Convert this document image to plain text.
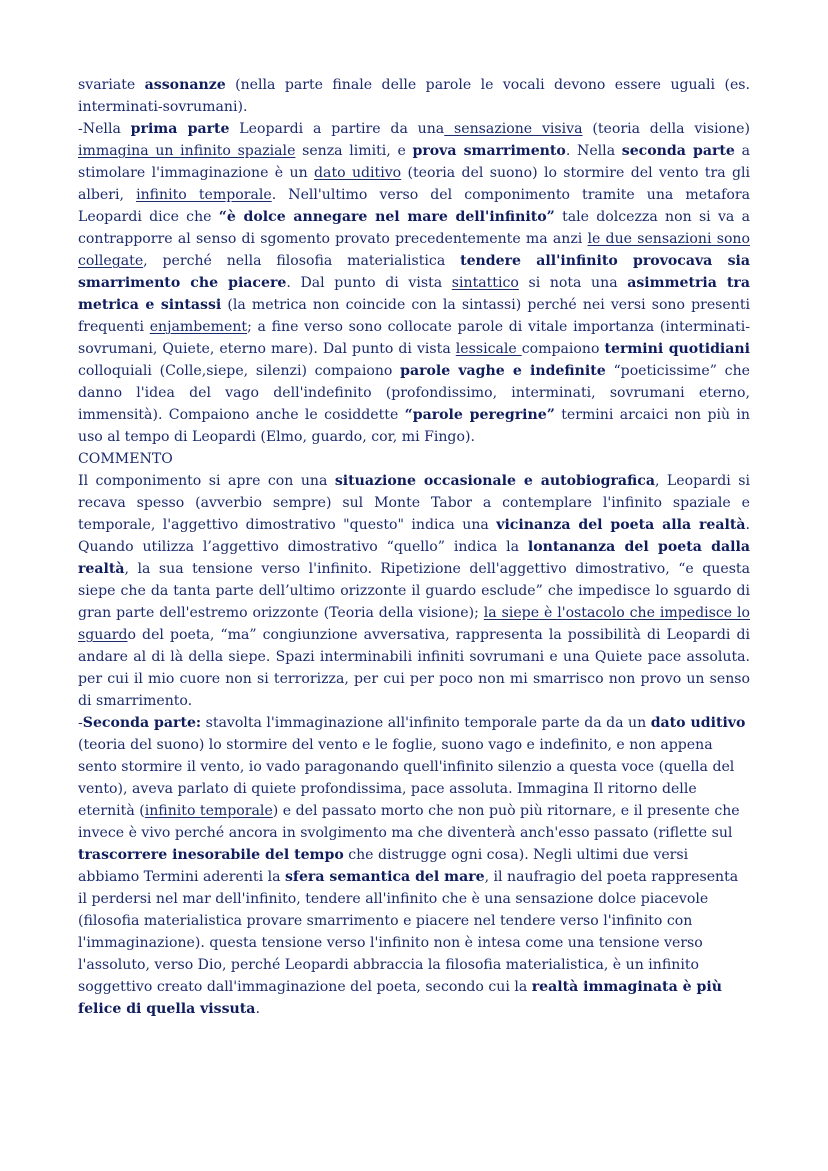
svariate assonanze (nella parte finale delle parole le vocali devono essere uguali (es. interminati-sovrumani).

-Nella prima parte Leopardi a partire da una sensazione visiva (teoria della visione) immagina un infinito spaziale senza limiti, e prova smarrimento. Nella seconda parte a stimolare l'immaginazione è un dato uditivo (teoria del suono) lo stormire del vento tra gli alberi, infinito temporale. Nell'ultimo verso del componimento tramite una metafora Leopardi dice che “è dolce annegare nel mare dell'infinito” tale dolcezza non si va a contrapporre al senso di sgomento provato precedentemente ma anzi le due sensazioni sono collegate, perché nella filosofia materialistica tendere all'infinito provocava sia smarrimento che piacere. Dal punto di vista sintattico si nota una asimmetria tra metrica e sintassi (la metrica non coincide con la sintassi) perché nei versi sono presenti frequenti enjambement; a fine verso sono collocate parole di vitale importanza (interminati-sovrumani, Quiete, eterno mare). Dal punto di vista lessicale compaiono termini quotidiani colloquiali (Colle,siepe, silenzi) compaiono parole vaghe e indefinite “poeticissime” che danno l'idea del vago dell'indefinito (profondissimo, interminati, sovrumani eterno, immensità). Compaiono anche le cosiddette “parole peregrine” termini arcaici non più in uso al tempo di Leopardi (Elmo, guardo, cor, mi Fingo).

COMMENTO

Il componimento si apre con una situazione occasionale e autobiografica, Leopardi si recava spesso (avverbio sempre) sul Monte Tabor a contemplare l'infinito spaziale e temporale, l'aggettivo dimostrativo "questo" indica una vicinanza del poeta alla realtà. Quando utilizza l’aggettivo dimostrativo “quello” indica la lontananza del poeta dalla realtà, la sua tensione verso l'infinito. Ripetizione dell'aggettivo dimostrativo, “e questa siepe che da tanta parte dell’ultimo orizzonte il guardo esclude” che impedisce lo sguardo di gran parte dell'estremo orizzonte (Teoria della visione); la siepe è l'ostacolo che impedisce lo sguardo del poeta, “ma” congiunzione avversativa, rappresenta la possibilità di Leopardi di andare al di là della siepe. Spazi interminabili infiniti sovrumani e una Quiete pace assoluta. per cui il mio cuore non si terrorizza, per cui per poco non mi smarrisco non provo un senso di smarrimento.

-Seconda parte: stavolta l'immaginazione all'infinito temporale parte da da un dato uditivo (teoria del suono) lo stormire del vento e le foglie, suono vago e indefinito, e non appena sento stormire il vento, io vado paragonando quell'infinito silenzio a questa voce (quella del vento), aveva parlato di quiete profondissima, pace assoluta. Immagina Il ritorno delle eternità (infinito temporale) e del passato morto che non può più ritornare, e il presente che invece è vivo perché ancora in svolgimento ma che diventerà anch'esso passato (riflette sul trascorrere inesorabile del tempo che distrugge ogni cosa). Negli ultimi due versi abbiamo Termini aderenti la sfera semantica del mare, il naufragio del poeta rappresenta il perdersi nel mar dell'infinito, tendere all'infinito che è una sensazione dolce piacevole (filosofia materialistica provare smarrimento e piacere nel tendere verso l'infinito con l'immaginazione). questa tensione verso l'infinito non è intesa come una tensione verso l'assoluto, verso Dio, perché Leopardi abbraccia la filosofia materialistica, è un infinito soggettivo creato dall'immaginazione del poeta, secondo cui la realtà immaginata è più felice di quella vissuta.
